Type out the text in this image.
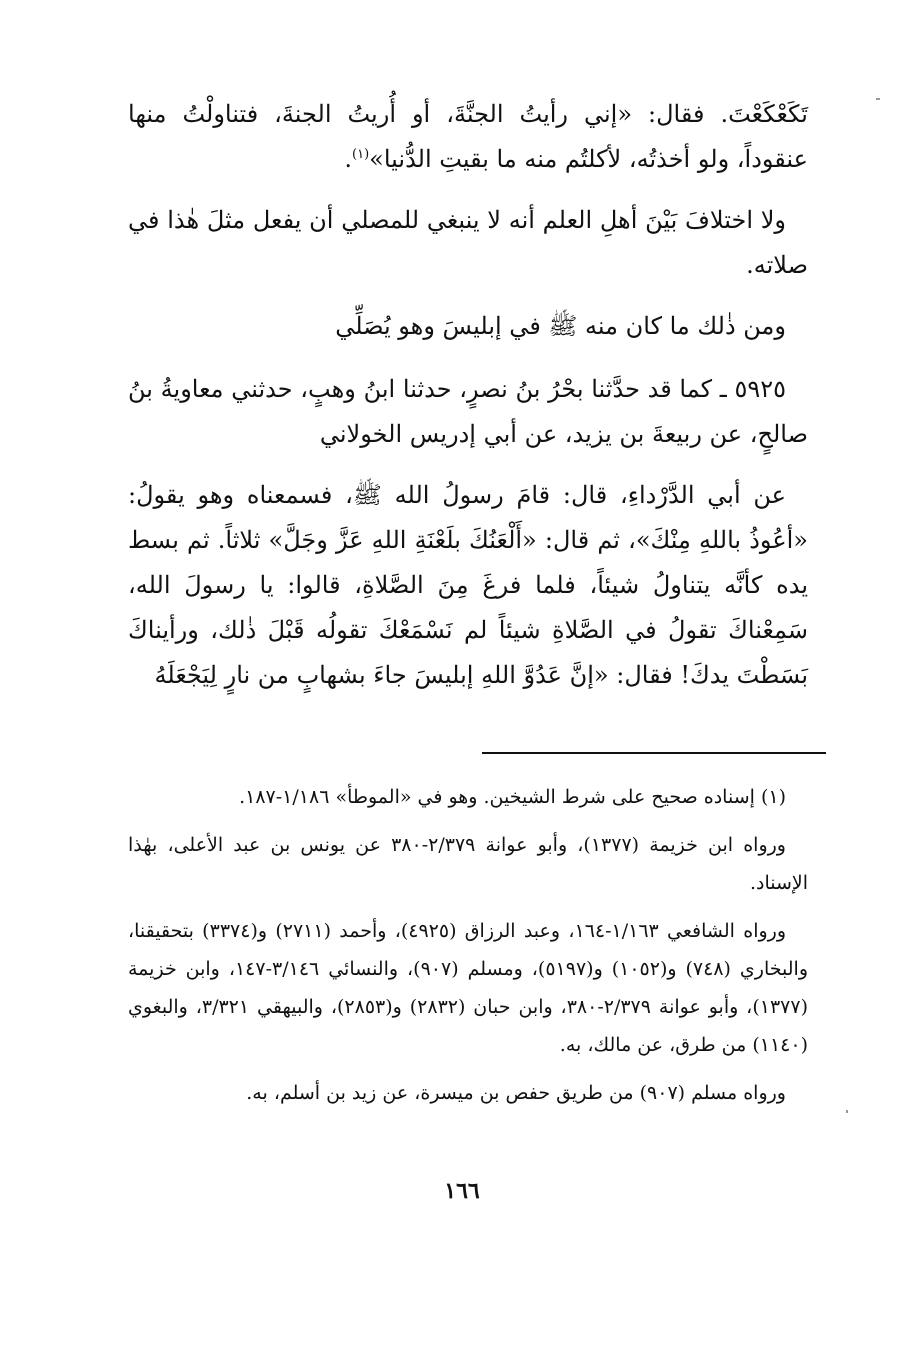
تَكَعْكَعْتَ. فقال: «إني رأيتُ الجنَّةَ، أو أُريتُ الجنةَ، فتناولْتُ منها عنقوداً، ولو أخذتُه، لأكلتُم منه ما بقيتِ الدُّنيا»$^{(١)}$.

ولا اختلافَ بَيْنَ أهلِ العلم أنه لا ينبغي للمصلي أن يفعل مثلَ هٰذا في صلاته.

ومن ذٰلك ما كان منه ﷺ في إبليسَ وهو يُصَلِّي

٥٩٢٥ ـ كما قد حدَّثنا بحْرُ بنُ نصرٍ، حدثنا ابنُ وهبٍ، حدثني معاويةُ بنُ صالحٍ، عن ربيعةَ بن يزيد، عن أبي إدريس الخولاني

عن أبي الدَّرْداءِ، قال: قامَ رسولُ الله ﷺ، فسمعناه وهو يقولُ: «أعُوذُ باللهِ مِنْكَ»، ثم قال: «أَلْعَنُكَ بلَعْنَةِ اللهِ عَزَّ وجَلَّ» ثلاثاً. ثم بسط يده كأنَّه يتناولُ شيئاً، فلما فرغَ مِنَ الصَّلاةِ، قالوا: يا رسولَ الله، سَمِعْناكَ تقولُ في الصَّلاةِ شيئاً لم نَسْمَعْكَ تقولُه قَبْلَ ذٰلك، ورأيناكَ بَسَطْتَ يدكَ! فقال: «إنَّ عَدُوَّ اللهِ إبليسَ جاءَ بشهابٍ من نارٍ لِيَجْعَلَهُ

(١) إسناده صحيح على شرط الشيخين. وهو في «الموطأ» ١/١٨٦-١٨٧.

ورواه ابن خزيمة (١٣٧٧)، وأبو عوانة ٢/٣٧٩-٣٨٠ عن يونس بن عبد الأعلى، بهٰذا الإسناد.

ورواه الشافعي ١/١٦٣-١٦٤، وعبد الرزاق (٤٩٢٥)، وأحمد (٢٧١١) و(٣٣٧٤) بتحقيقنا، والبخاري (٧٤٨) و(١٠٥٢) و(٥١٩٧)، ومسلم (٩٠٧)، والنسائي ٣/١٤٦-١٤٧، وابن خزيمة (١٣٧٧)، وأبو عوانة ٢/٣٧٩-٣٨٠، وابن حبان (٢٨٣٢) و(٢٨٥٣)، والبيهقي ٣/٣٢١، والبغوي (١١٤٠) من طرق، عن مالك، به.

ورواه مسلم (٩٠٧) من طريق حفص بن ميسرة، عن زيد بن أسلم، به.

١٦٦
